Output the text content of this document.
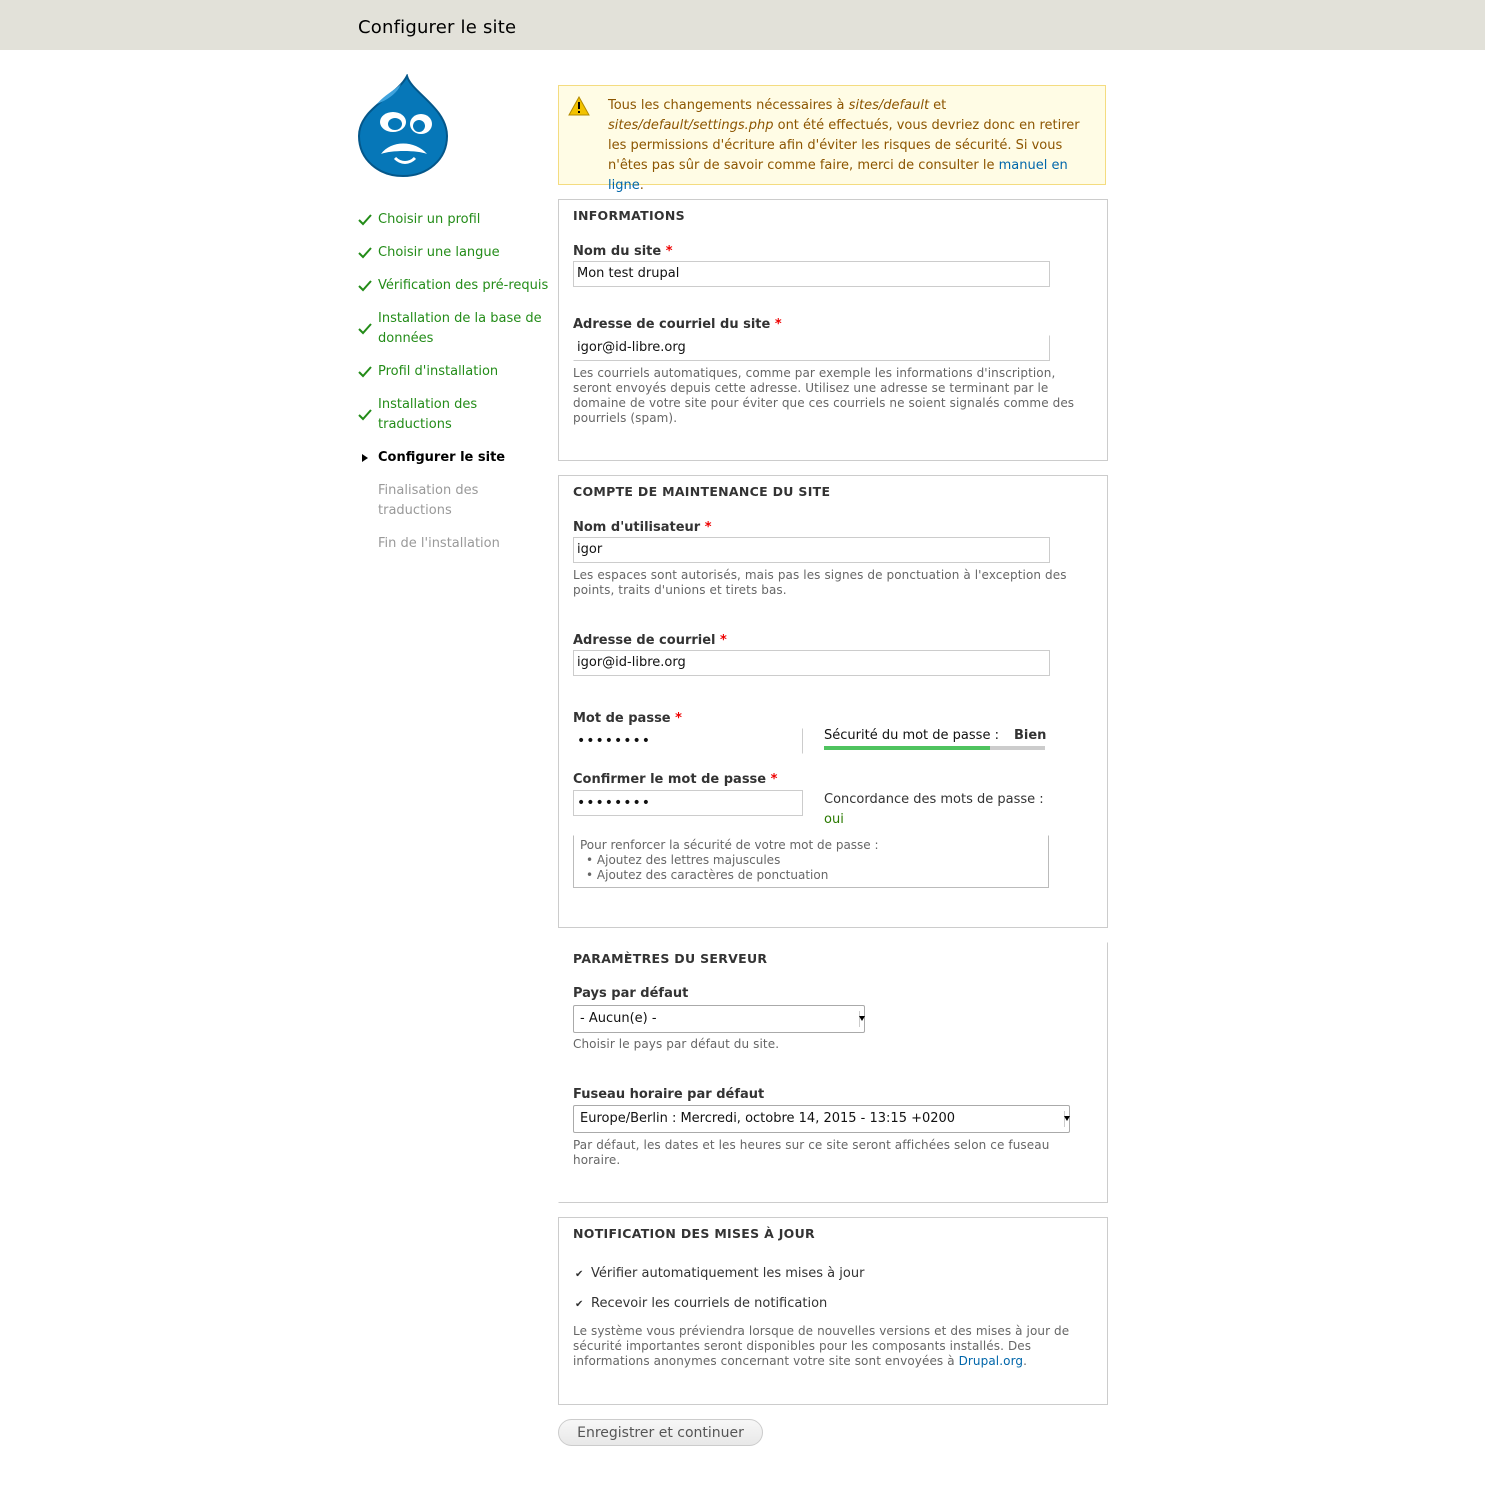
Configurer le site
Choisir un profil
Choisir une langue
Vérification des pré-requis
Installation de la base de données
Profil d'installation
Installation des traductions
Configurer le site
Finalisation des traductions
Fin de l'installation
Tous les changements nécessaires à sites/default et sites/default/settings.php ont été effectués, vous devriez donc en retirer les permissions d'écriture afin d'éviter les risques de sécurité. Si vous n'êtes pas sûr de savoir comme faire, merci de consulter le manuel en ligne.
INFORMATIONS
Nom du site *
Mon test drupal
Adresse de courriel du site *
igor@id-libre.org
Les courriels automatiques, comme par exemple les informations d'inscription, seront envoyés depuis cette adresse. Utilisez une adresse se terminant par le domaine de votre site pour éviter que ces courriels ne soient signalés comme des pourriels (spam).
COMPTE DE MAINTENANCE DU SITE
Nom d'utilisateur *
igor
Les espaces sont autorisés, mais pas les signes de ponctuation à l'exception des points, traits d'unions et tirets bas.
Adresse de courriel *
igor@id-libre.org
Mot de passe *
••••••••	Sécurité du mot de passe : Bien
Confirmer le mot de passe *
••••••••	Concordance des mots de passe :
oui
Pour renforcer la sécurité de votre mot de passe :
• Ajoutez des lettres majuscules
• Ajoutez des caractères de ponctuation
PARAMÈTRES DU SERVEUR
Pays par défaut
- Aucun(e) -
Choisir le pays par défaut du site.
Fuseau horaire par défaut
Europe/Berlin : Mercredi, octobre 14, 2015 - 13:15 +0200
Par défaut, les dates et les heures sur ce site seront affichées selon ce fuseau horaire.
NOTIFICATION DES MISES À JOUR
✔ Vérifier automatiquement les mises à jour
✔ Recevoir les courriels de notification
Le système vous préviendra lorsque de nouvelles versions et des mises à jour de sécurité importantes seront disponibles pour les composants installés. Des informations anonymes concernant votre site sont envoyées à Drupal.org.
Enregistrer et continuer
